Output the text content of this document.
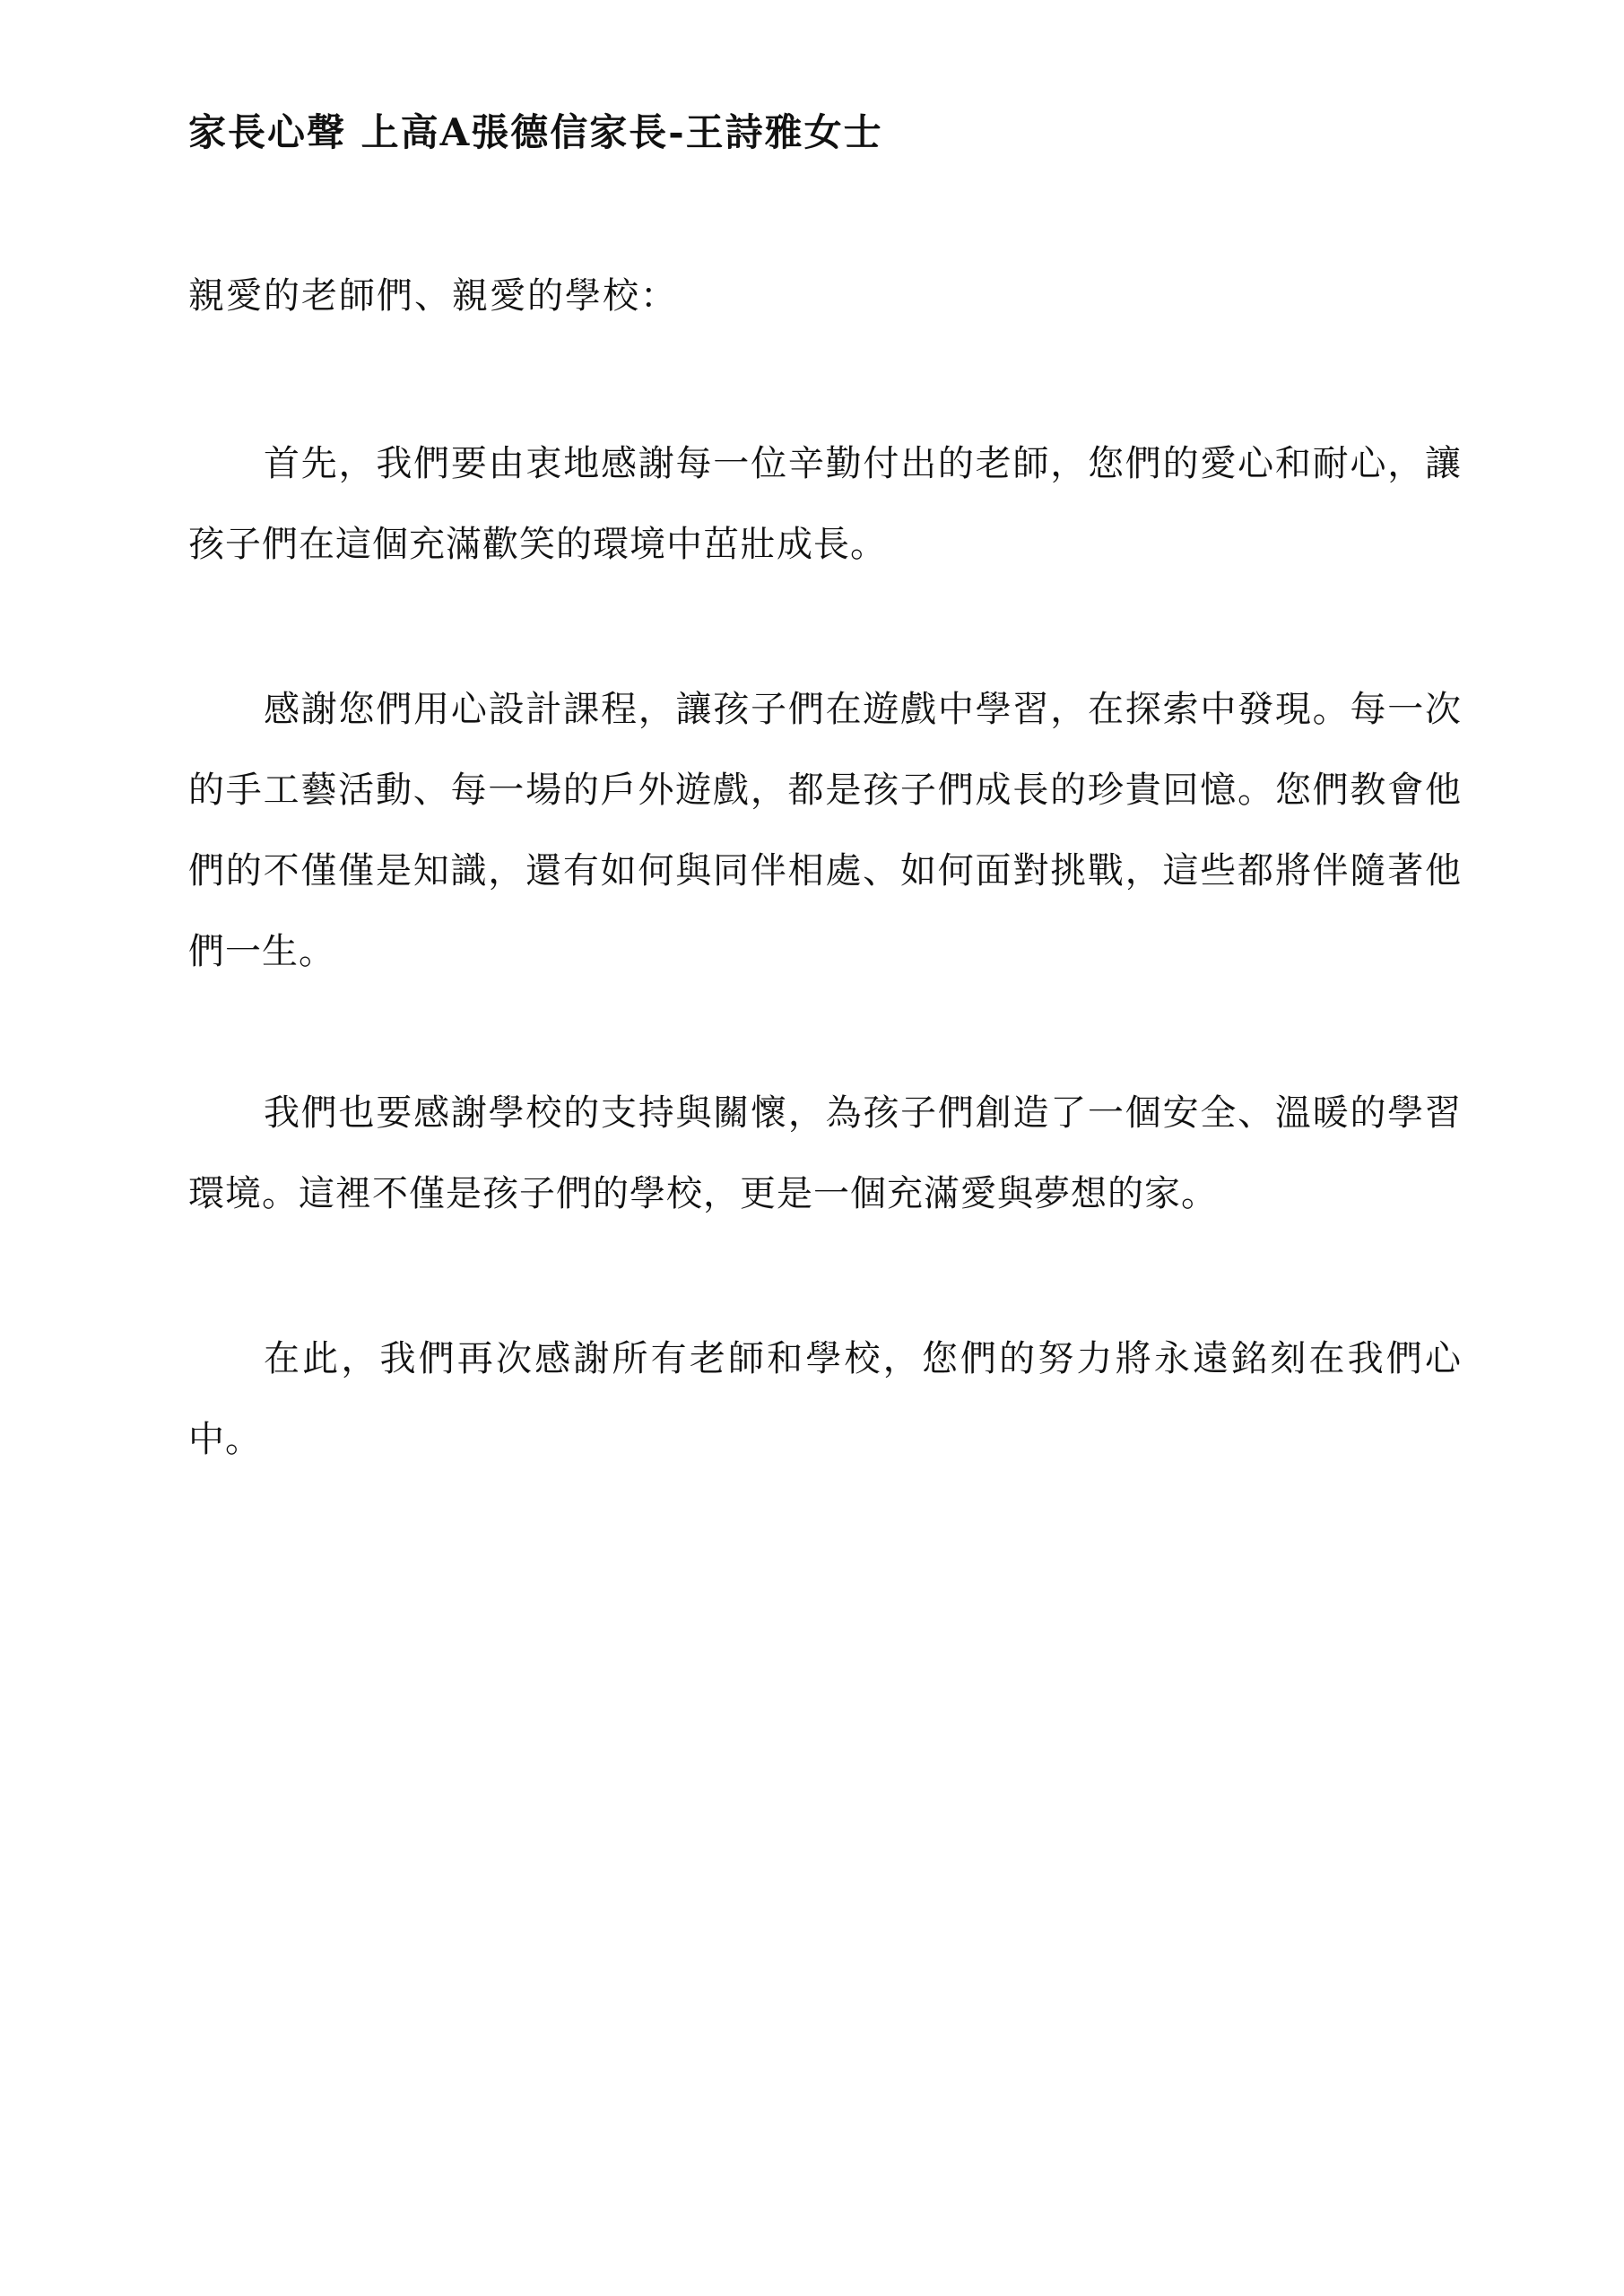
家長心聲 上高A張德信家長-王詩雅女士
親愛的老師們、親愛的學校：

首先，我們要由衷地感謝每一位辛勤付出的老師，您們的愛心和耐心，讓孩子們在這個充滿歡笑的環境中茁壯成長。

感謝您們用心設計課程，讓孩子們在遊戲中學習，在探索中發現。每一次的手工藝活動、每一場的戶外遊戲，都是孩子們成長的珍貴回憶。您們教會他們的不僅僅是知識，還有如何與同伴相處、如何面對挑戰，這些都將伴隨著他們一生。

我們也要感謝學校的支持與關懷，為孩子們創造了一個安全、溫暖的學習環境。這裡不僅是孩子們的學校，更是一個充滿愛與夢想的家。

在此，我們再次感謝所有老師和學校，您們的努力將永遠銘刻在我們心中。
